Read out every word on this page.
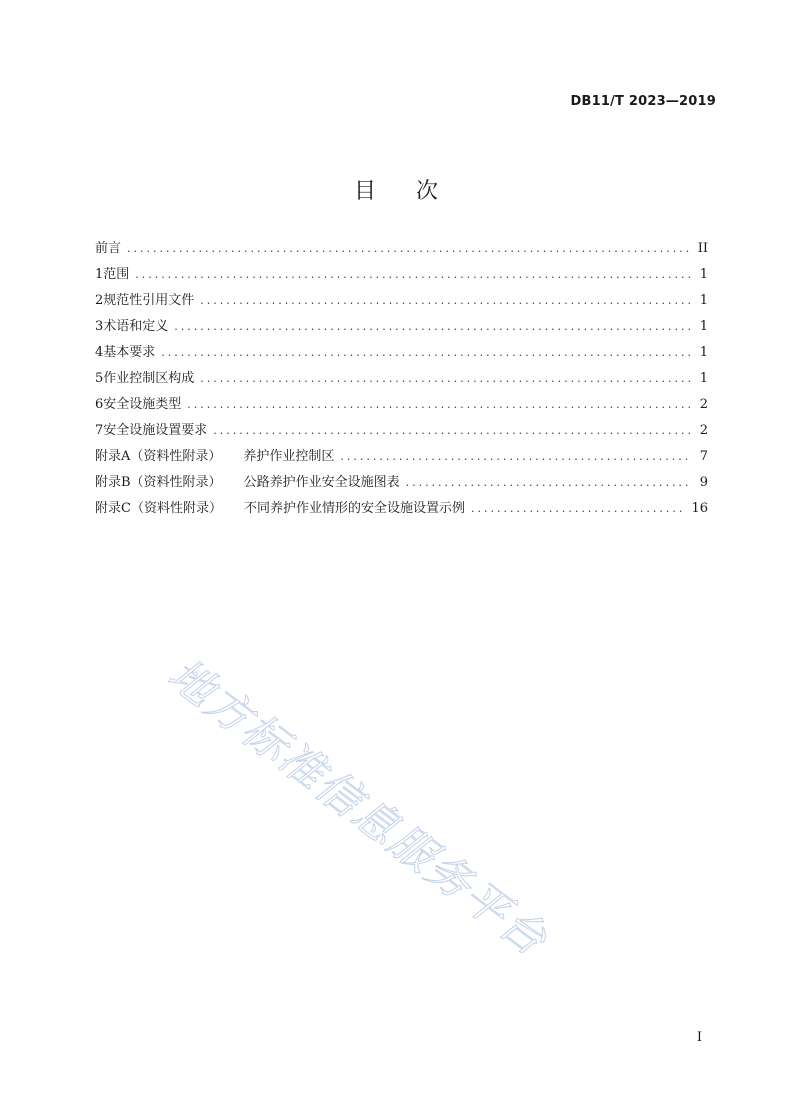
DB11/T 2023—2019
目次
前言 .....	II
1 范围 .....	1
2 规范性引用文件 .....	1
3 术语和定义 .....	1
4 基本要求 .....	1
5 作业控制区构成 .....	1
6 安全设施类型 .....	2
7 安全设施设置要求 .....	2
附录A（资料性附录） 养护作业控制区 .....	7
附录B（资料性附录） 公路养护作业安全设施图表 .....	9
附录C（资料性附录） 不同养护作业情形的安全设施设置示例 .....	16
地方标准信息服务平台
I
